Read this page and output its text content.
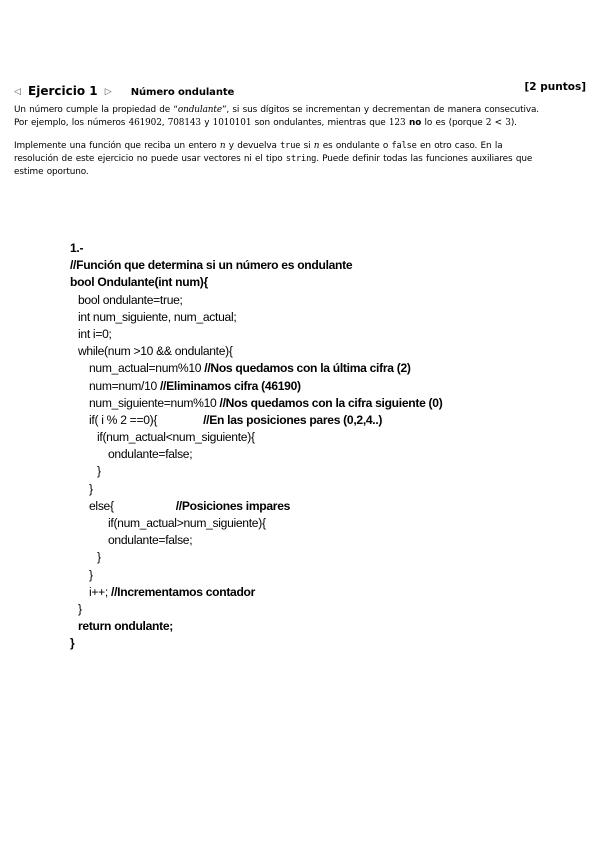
◁ Ejercicio 1 ▷ Número ondulante	[2 puntos]
Un número cumple la propiedad de “ondulante”, si sus dígitos se incrementan y decrementan de manera consecutiva.
Por ejemplo, los números 461902, 708143 y 1010101 son ondulantes, mientras que 123 no lo es (porque 2 < 3).
Implemente una función que reciba un entero n y devuelva true si n es ondulante o false en otro caso. En la
resolución de este ejercicio no puede usar vectores ni el tipo string. Puede definir todas las funciones auxiliares que
estime oportuno.
1.-
//Función que determina si un número es ondulante
bool Ondulante(int num){
bool ondulante=true;
int num_siguiente, num_actual;
int i=0;
while(num >10 && ondulante){
num_actual=num%10 //Nos quedamos con la última cifra (2)
num=num/10 //Eliminamos cifra (46190)
num_siguiente=num%10 //Nos quedamos con la cifra siguiente (0)
if( i % 2 ==0){	//En las posiciones pares (0,2,4..)
if(num_actual<num_siguiente){
ondulante=false;
}
}
else{	//Posiciones impares
if(num_actual>num_siguiente){
ondulante=false;
}
}
i++; //Incrementamos contador
}
return ondulante;
}
